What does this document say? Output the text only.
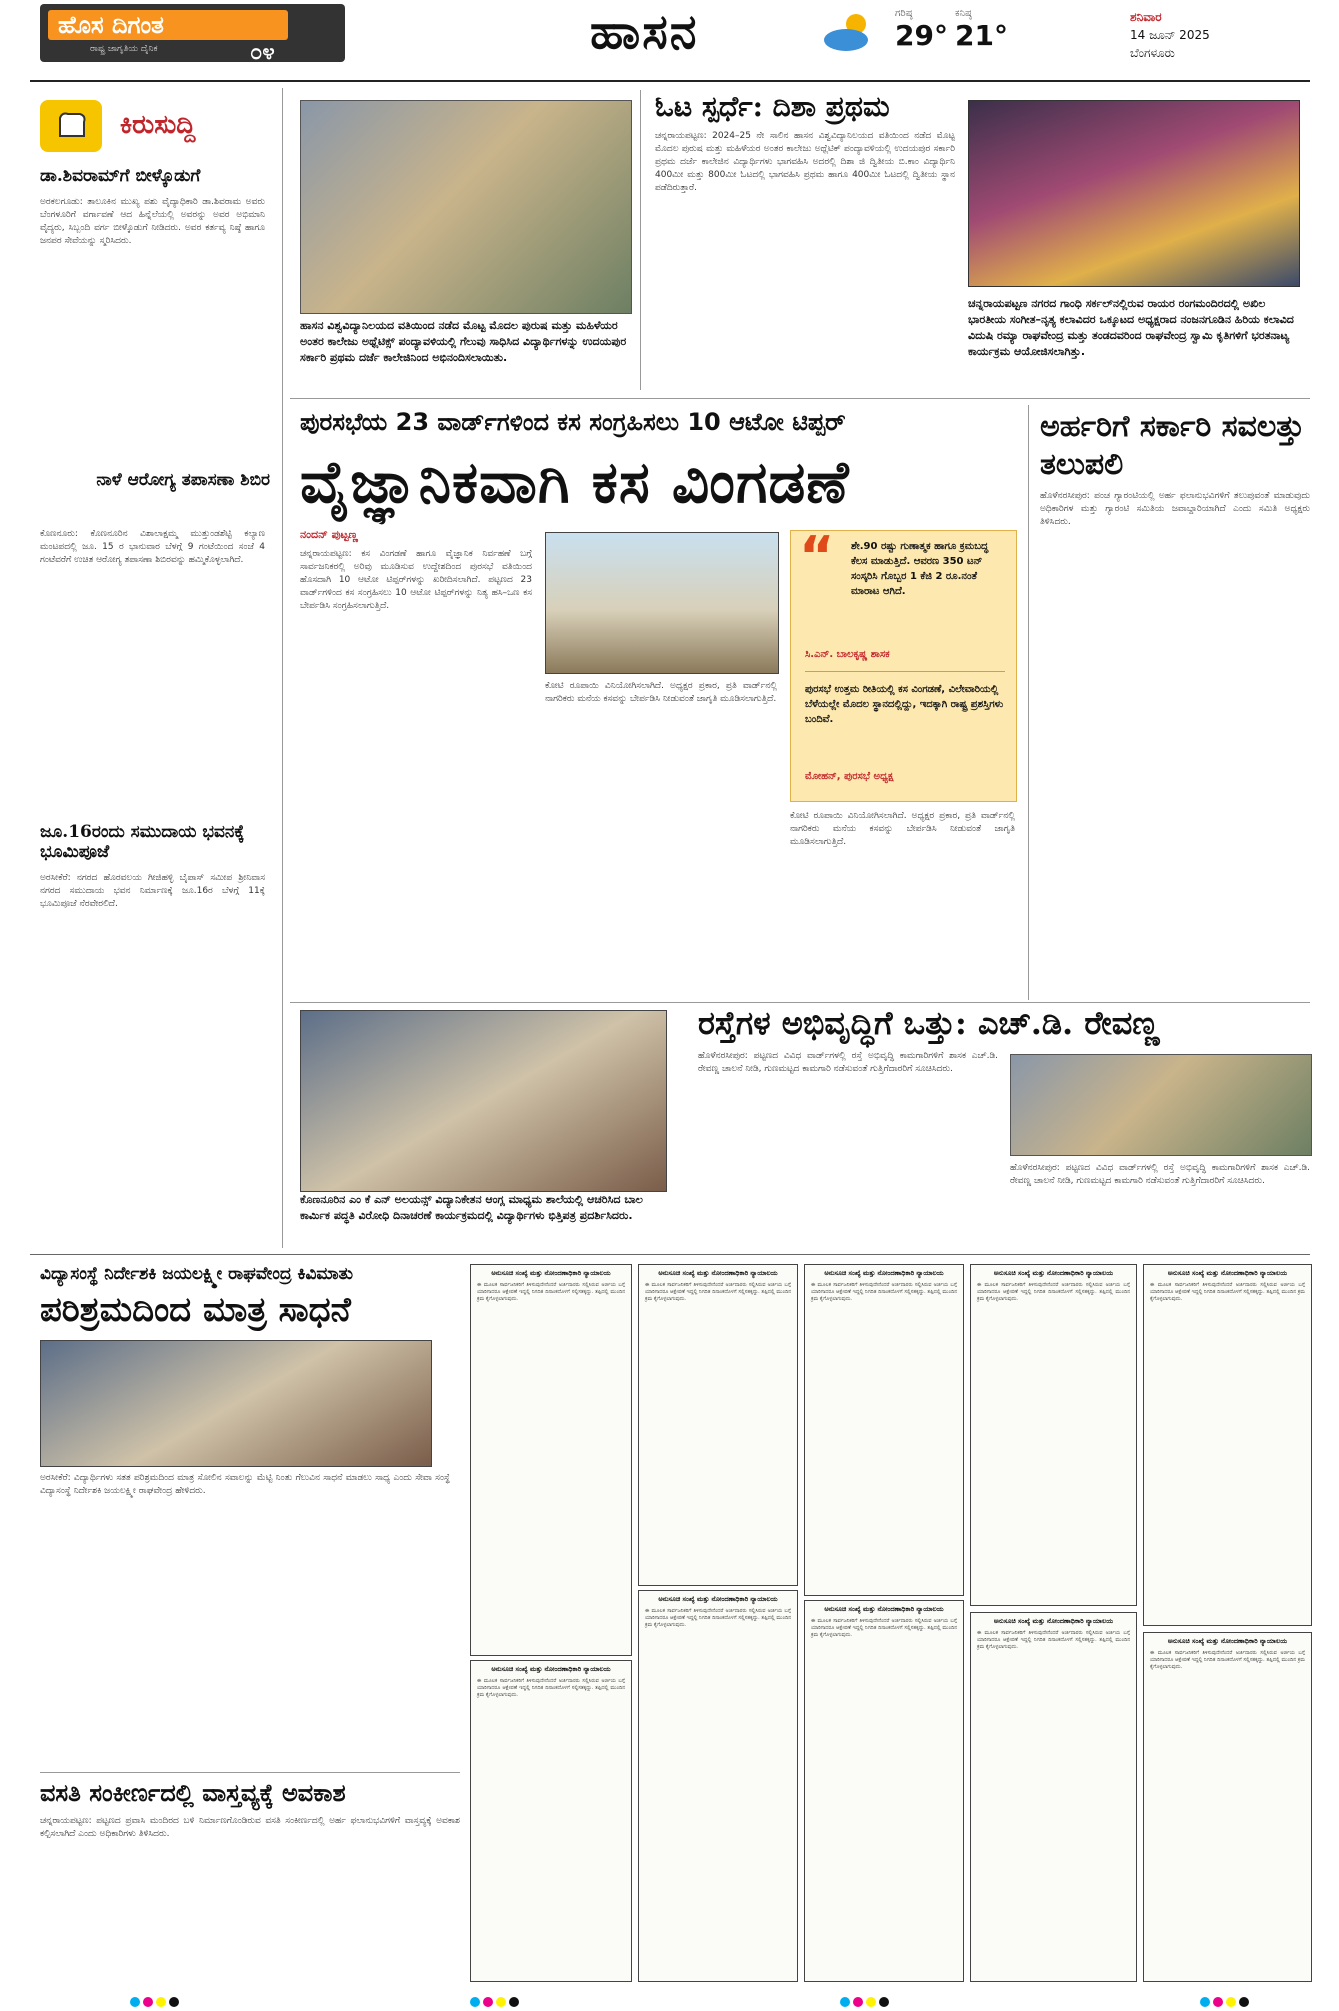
ಹೊಸ ದಿಗಂತ
ರಾಷ್ಟ್ರ ಜಾಗೃತಿಯ ದೈನಿಕ	೦೪	ಹಾಸನ	ಗರಿಷ್ಠ
29°
ಕನಿಷ್ಠ
21°
ಶನಿವಾರ
14 ಜೂನ್ 2025
ಬೆಂಗಳೂರು
ಕಿರುಸುದ್ದಿ
ಡಾ.ಶಿವರಾಮ್‌ಗೆ ಬೀಳ್ಕೊಡುಗೆ
ಅರಕಲಗೂಡು: ತಾಲೂಕಿನ ಮುಖ್ಯ ಪಶು ವೈದ್ಯಾಧಿಕಾರಿ ಡಾ.ಶಿವರಾಮ ಅವರು ಬೆಂಗಳೂರಿಗೆ ವರ್ಗಾವಣೆ ಆದ ಹಿನ್ನೆಲೆಯಲ್ಲಿ ಅವರನ್ನು ಅವರ ಅಭಿಮಾನಿ ವೈದ್ಯರು, ಸಿಬ್ಬಂದಿ ವರ್ಗ ಬೀಳ್ಕೊಡುಗೆ ನೀಡಿದರು. ಅವರ ಕರ್ತವ್ಯ ನಿಷ್ಠೆ ಹಾಗೂ ಜನಪರ ಸೇವೆಯನ್ನು ಸ್ಮರಿಸಿದರು.
ನಾಳೆ ಆರೋಗ್ಯ ತಪಾಸಣಾ ಶಿಬಿರ
ಕೊಣನೂರು: ಕೊಣನೂರಿನ ವಿಶಾಲಾಕ್ಷಮ್ಮ ಮುತ್ತುಂಡಶೆಟ್ಟಿ ಕಲ್ಯಾಣ ಮಂಟಪದಲ್ಲಿ ಜೂ. 15 ರ ಭಾನುವಾರ ಬೆಳಗ್ಗೆ 9 ಗಂಟೆಯಿಂದ ಸಂಜೆ 4 ಗಂಟೆವರೆಗೆ ಉಚಿತ ಆರೋಗ್ಯ ತಪಾಸಣಾ ಶಿಬಿರವನ್ನು ಹಮ್ಮಿಕೊಳ್ಳಲಾಗಿದೆ.
ಜೂ.16ರಂದು ಸಮುದಾಯ ಭವನಕ್ಕೆ ಭೂಮಿಪೂಜೆ
ಅರಸೀಕೆರೆ: ನಗರದ ಹೊರವಲಯ ಗೀಜಿಹಳ್ಳಿ ಬೈಪಾಸ್ ಸಮೀಪ ಶ್ರೀನಿವಾಸ ನಗರದ ಸಮುದಾಯ ಭವನ ನಿರ್ಮಾಣಕ್ಕೆ ಜೂ.16ರ ಬೆಳಗ್ಗೆ 11ಕ್ಕೆ ಭೂಮಿಪೂಜೆ ನೆರವೇರಲಿದೆ.
ಹಾಸನ ವಿಶ್ವವಿದ್ಯಾನಿಲಯದ ವತಿಯಿಂದ ನಡೆದ ಮೊಟ್ಟ ಮೊದಲ ಪುರುಷ ಮತ್ತು ಮಹಿಳೆಯರ ಅಂತರ ಕಾಲೇಜು ಅಥ್ಲೆಟಿಕ್ಸ್ ಪಂದ್ಯಾವಳಿಯಲ್ಲಿ ಗೆಲುವು ಸಾಧಿಸಿದ ವಿದ್ಯಾರ್ಥಿಗಳನ್ನು ಉದಯಪುರ ಸರ್ಕಾರಿ ಪ್ರಥಮ ದರ್ಜೆ ಕಾಲೇಜಿನಿಂದ ಅಭಿನಂದಿಸಲಾಯಿತು.
ಓಟ ಸ್ಪರ್ಧೆ: ದಿಶಾ ಪ್ರಥಮ
ಚನ್ನರಾಯಪಟ್ಟಣ: 2024–25 ನೇ ಸಾಲಿನ ಹಾಸನ ವಿಶ್ವವಿದ್ಯಾನಿಲಯದ ವತಿಯಿಂದ ನಡೆದ ಮೊಟ್ಟ ಮೊದಲ ಪುರುಷ ಮತ್ತು ಮಹಿಳೆಯರ ಅಂತರ ಕಾಲೇಜು ಅಥ್ಲೆಟಿಕ್ ಪಂದ್ಯಾವಳಿಯಲ್ಲಿ ಉದಯಪುರ ಸರ್ಕಾರಿ ಪ್ರಥಮ ದರ್ಜೆ ಕಾಲೇಜಿನ ವಿದ್ಯಾರ್ಥಿಗಳು ಭಾಗವಹಿಸಿ ಅದರಲ್ಲಿ ದಿಶಾ ಜಿ ದ್ವಿತೀಯ ಬಿ.ಕಾಂ ವಿದ್ಯಾರ್ಥಿನಿ 400ಮೀ ಮತ್ತು 800ಮೀ ಓಟದಲ್ಲಿ ಭಾಗವಹಿಸಿ ಪ್ರಥಮ ಹಾಗೂ 400ಮೀ ಓಟದಲ್ಲಿ ದ್ವಿತೀಯ ಸ್ಥಾನ ಪಡೆದಿರುತ್ತಾರೆ.
ಚನ್ನರಾಯಪಟ್ಟಣ ನಗರದ ಗಾಂಧಿ ಸರ್ಕಲ್‌ನಲ್ಲಿರುವ ರಾಯರ ರಂಗಮಂದಿರದಲ್ಲಿ ಅಖಿಲ ಭಾರತೀಯ ಸಂಗೀತ–ನೃತ್ಯ ಕಲಾವಿದರ ಒಕ್ಕೂಟದ ಅಧ್ಯಕ್ಷರಾದ ನಂಜನಗೂಡಿನ ಹಿರಿಯ ಕಲಾವಿದ ವಿದುಷಿ ರಮ್ಯಾ ರಾಘವೇಂದ್ರ ಮತ್ತು ತಂಡದವರಿಂದ ರಾಘವೇಂದ್ರ ಸ್ವಾಮಿ ಕೃತಿಗಳಿಗೆ ಭರತನಾಟ್ಯ ಕಾರ್ಯಕ್ರಮ ಆಯೋಜಿಸಲಾಗಿತ್ತು.
ಪುರಸಭೆಯ 23 ವಾರ್ಡ್‌ಗಳಿಂದ ಕಸ ಸಂಗ್ರಹಿಸಲು 10 ಆಟೋ ಟಿಪ್ಪರ್
ವೈಜ್ಞಾನಿಕವಾಗಿ ಕಸ ವಿಂಗಡಣೆ
ನಂದನ್ ಪುಟ್ಟಣ್ಣ
ಚನ್ನರಾಯಪಟ್ಟಣ: ಕಸ ವಿಂಗಡಣೆ ಹಾಗೂ ವೈಜ್ಞಾನಿಕ ನಿರ್ವಹಣೆ ಬಗ್ಗೆ ಸಾರ್ವಜನಿಕರಲ್ಲಿ ಅರಿವು ಮೂಡಿಸುವ ಉದ್ದೇಶದಿಂದ ಪುರಸಭೆ ವತಿಯಿಂದ ಹೊಸದಾಗಿ 10 ಆಟೋ ಟಿಪ್ಪರ್‌ಗಳನ್ನು ಖರೀದಿಸಲಾಗಿದೆ. ಪಟ್ಟಣದ 23 ವಾರ್ಡ್‌ಗಳಿಂದ ಕಸ ಸಂಗ್ರಹಿಸಲು 10 ಆಟೋ ಟಿಪ್ಪರ್‌ಗಳನ್ನು ನಿತ್ಯ ಹಸಿ–ಒಣ ಕಸ ಬೇರ್ಪಡಿಸಿ ಸಂಗ್ರಹಿಸಲಾಗುತ್ತಿದೆ.
ಕೋಟಿ ರೂಪಾಯಿ ವಿನಿಯೋಗಿಸಲಾಗಿದೆ. ಅಧ್ಯಕ್ಷರ ಪ್ರಕಾರ, ಪ್ರತಿ ವಾರ್ಡ್‌ನಲ್ಲಿ ನಾಗರಿಕರು ಮನೆಯ ಕಸವನ್ನು ಬೇರ್ಪಡಿಸಿ ನೀಡುವಂತೆ ಜಾಗೃತಿ ಮೂಡಿಸಲಾಗುತ್ತಿದೆ.
“ ಶೇ.90 ರಷ್ಟು ಗುಣಾತ್ಮಕ ಹಾಗೂ ಕ್ರಮಬದ್ಧ ಕೆಲಸ ಮಾಡುತ್ತಿದೆ. ಆವರಣ 350 ಟನ್ ಸಂಸ್ಕರಿಸಿ ಗೊಬ್ಬರ 1 ಕೆಜಿ 2 ರೂ.ನಂತೆ ಮಾರಾಟ ಆಗಿದೆ.
ಸಿ.ಎನ್. ಬಾಲಕೃಷ್ಣ ಶಾಸಕ
ಪುರಸಭೆ ಉತ್ತಮ ರೀತಿಯಲ್ಲಿ ಕಸ ವಿಂಗಡಣೆ, ವಿಲೇವಾರಿಯಲ್ಲಿ ಬೆಳೆಯಲ್ಲೇ ಮೊದಲ ಸ್ಥಾನದಲ್ಲಿದ್ದು, ಇದಕ್ಕಾಗಿ ರಾಷ್ಟ್ರ ಪ್ರಶಸ್ತಿಗಳು ಬಂದಿವೆ.
ಮೋಹನ್, ಪುರಸಭೆ ಅಧ್ಯಕ್ಷ
ಕೋಟಿ ರೂಪಾಯಿ ವಿನಿಯೋಗಿಸಲಾಗಿದೆ. ಅಧ್ಯಕ್ಷರ ಪ್ರಕಾರ, ಪ್ರತಿ ವಾರ್ಡ್‌ನಲ್ಲಿ ನಾಗರಿಕರು ಮನೆಯ ಕಸವನ್ನು ಬೇರ್ಪಡಿಸಿ ನೀಡುವಂತೆ ಜಾಗೃತಿ ಮೂಡಿಸಲಾಗುತ್ತಿದೆ.
ಅರ್ಹರಿಗೆ ಸರ್ಕಾರಿ ಸವಲತ್ತು ತಲುಪಲಿ
ಹೊಳೆನರಸೀಪುರ: ಪಂಚ ಗ್ಯಾರಂಟಿಯಲ್ಲಿ ಅರ್ಹ ಫಲಾನುಭವಿಗಳಿಗೆ ತಲುಪುವಂತೆ ಮಾಡುವುದು ಅಧಿಕಾರಿಗಳ ಮತ್ತು ಗ್ಯಾರಂಟಿ ಸಮಿತಿಯ ಜವಾಬ್ದಾರಿಯಾಗಿದೆ ಎಂದು ಸಮಿತಿ ಅಧ್ಯಕ್ಷರು ತಿಳಿಸಿದರು.
ಕೊಣನೂರಿನ ಎಂ ಕೆ ಎನ್ ಅಲಯನ್ಸ್ ವಿದ್ಯಾನಿಕೇತನ ಆಂಗ್ಲ ಮಾಧ್ಯಮ ಶಾಲೆಯಲ್ಲಿ ಆಚರಿಸಿದ ಬಾಲ ಕಾರ್ಮಿಕ ಪದ್ಧತಿ ವಿರೋಧಿ ದಿನಾಚರಣೆ ಕಾರ್ಯಕ್ರಮದಲ್ಲಿ ವಿದ್ಯಾರ್ಥಿಗಳು ಭಿತ್ತಿಪತ್ರ ಪ್ರದರ್ಶಿಸಿದರು.
ರಸ್ತೆಗಳ ಅಭಿವೃದ್ಧಿಗೆ ಒತ್ತು: ಎಚ್.ಡಿ. ರೇವಣ್ಣ
ಹೊಳೆನರಸೀಪುರ: ಪಟ್ಟಣದ ವಿವಿಧ ವಾರ್ಡ್‌ಗಳಲ್ಲಿ ರಸ್ತೆ ಅಭಿವೃದ್ಧಿ ಕಾಮಗಾರಿಗಳಿಗೆ ಶಾಸಕ ಎಚ್.ಡಿ. ರೇವಣ್ಣ ಚಾಲನೆ ನೀಡಿ, ಗುಣಮಟ್ಟದ ಕಾಮಗಾರಿ ನಡೆಸುವಂತೆ ಗುತ್ತಿಗೆದಾರರಿಗೆ ಸೂಚಿಸಿದರು.
ಹೊಳೆನರಸೀಪುರ: ಪಟ್ಟಣದ ವಿವಿಧ ವಾರ್ಡ್‌ಗಳಲ್ಲಿ ರಸ್ತೆ ಅಭಿವೃದ್ಧಿ ಕಾಮಗಾರಿಗಳಿಗೆ ಶಾಸಕ ಎಚ್.ಡಿ. ರೇವಣ್ಣ ಚಾಲನೆ ನೀಡಿ, ಗುಣಮಟ್ಟದ ಕಾಮಗಾರಿ ನಡೆಸುವಂತೆ ಗುತ್ತಿಗೆದಾರರಿಗೆ ಸೂಚಿಸಿದರು.
ವಿದ್ಯಾಸಂಸ್ಥೆ ನಿರ್ದೇಶಕಿ ಜಯಲಕ್ಷ್ಮೀ ರಾಘವೇಂದ್ರ ಕಿವಿಮಾತು
ಪರಿಶ್ರಮದಿಂದ ಮಾತ್ರ ಸಾಧನೆ
ಅರಸೀಕೆರೆ: ವಿದ್ಯಾರ್ಥಿಗಳು ಸತತ ಪರಿಶ್ರಮದಿಂದ ಮಾತ್ರ ಸೋಲಿನ ಸವಾಲನ್ನು ಮೆಟ್ಟಿ ನಿಂತು ಗೆಲುವಿನ ಸಾಧನೆ ಮಾಡಲು ಸಾಧ್ಯ ಎಂದು ಸೇವಾ ಸಂಸ್ಥೆ ವಿದ್ಯಾಸಂಸ್ಥೆ ನಿರ್ದೇಶಕಿ ಜಯಲಕ್ಷ್ಮೀ ರಾಘವೇಂದ್ರ ಹೇಳಿದರು.
ವಸತಿ ಸಂಕೀರ್ಣದಲ್ಲಿ ವಾಸ್ತವ್ಯಕ್ಕೆ ಅವಕಾಶ
ಚನ್ನರಾಯಪಟ್ಟಣ: ಪಟ್ಟಣದ ಪ್ರವಾಸಿ ಮಂದಿರದ ಬಳಿ ನಿರ್ಮಾಣಗೊಂಡಿರುವ ವಸತಿ ಸಂಕೀರ್ಣದಲ್ಲಿ ಅರ್ಹ ಫಲಾನುಭವಿಗಳಿಗೆ ವಾಸ್ತವ್ಯಕ್ಕೆ ಅವಕಾಶ ಕಲ್ಪಿಸಲಾಗಿದೆ ಎಂದು ಅಧಿಕಾರಿಗಳು ತಿಳಿಸಿದರು.
ಅನುಸೂಚಿ ಸಂಖ್ಯೆ ಮತ್ತು ನೋಂದಣಾಧಿಕಾರಿ ನ್ಯಾಯಾಲಯ
ಈ ಮೂಲಕ ಸಾರ್ವಜನಿಕರಿಗೆ ತಿಳಿಸುವುದೇನೆಂದರೆ ಅರ್ಜಿದಾರರು ಸಲ್ಲಿಸಿರುವ ಅರ್ಜಿಯ ಬಗ್ಗೆ ಯಾರಿಗಾದರೂ ಆಕ್ಷೇಪಣೆ ಇದ್ದಲ್ಲಿ ನಿಗದಿತ ದಿನಾಂಕದೊಳಗೆ ಸಲ್ಲಿಸತಕ್ಕದ್ದು. ತಪ್ಪಿದಲ್ಲಿ ಮುಂದಿನ ಕ್ರಮ ಕೈಗೊಳ್ಳಲಾಗುವುದು.
ಅನುಸೂಚಿ ಸಂಖ್ಯೆ ಮತ್ತು ನೋಂದಣಾಧಿಕಾರಿ ನ್ಯಾಯಾಲಯ
ಈ ಮೂಲಕ ಸಾರ್ವಜನಿಕರಿಗೆ ತಿಳಿಸುವುದೇನೆಂದರೆ ಅರ್ಜಿದಾರರು ಸಲ್ಲಿಸಿರುವ ಅರ್ಜಿಯ ಬಗ್ಗೆ ಯಾರಿಗಾದರೂ ಆಕ್ಷೇಪಣೆ ಇದ್ದಲ್ಲಿ ನಿಗದಿತ ದಿನಾಂಕದೊಳಗೆ ಸಲ್ಲಿಸತಕ್ಕದ್ದು. ತಪ್ಪಿದಲ್ಲಿ ಮುಂದಿನ ಕ್ರಮ ಕೈಗೊಳ್ಳಲಾಗುವುದು.
ಅನುಸೂಚಿ ಸಂಖ್ಯೆ ಮತ್ತು ನೋಂದಣಾಧಿಕಾರಿ ನ್ಯಾಯಾಲಯ
ಈ ಮೂಲಕ ಸಾರ್ವಜನಿಕರಿಗೆ ತಿಳಿಸುವುದೇನೆಂದರೆ ಅರ್ಜಿದಾರರು ಸಲ್ಲಿಸಿರುವ ಅರ್ಜಿಯ ಬಗ್ಗೆ ಯಾರಿಗಾದರೂ ಆಕ್ಷೇಪಣೆ ಇದ್ದಲ್ಲಿ ನಿಗದಿತ ದಿನಾಂಕದೊಳಗೆ ಸಲ್ಲಿಸತಕ್ಕದ್ದು. ತಪ್ಪಿದಲ್ಲಿ ಮುಂದಿನ ಕ್ರಮ ಕೈಗೊಳ್ಳಲಾಗುವುದು.
ಅನುಸೂಚಿ ಸಂಖ್ಯೆ ಮತ್ತು ನೋಂದಣಾಧಿಕಾರಿ ನ್ಯಾಯಾಲಯ
ಈ ಮೂಲಕ ಸಾರ್ವಜನಿಕರಿಗೆ ತಿಳಿಸುವುದೇನೆಂದರೆ ಅರ್ಜಿದಾರರು ಸಲ್ಲಿಸಿರುವ ಅರ್ಜಿಯ ಬಗ್ಗೆ ಯಾರಿಗಾದರೂ ಆಕ್ಷೇಪಣೆ ಇದ್ದಲ್ಲಿ ನಿಗದಿತ ದಿನಾಂಕದೊಳಗೆ ಸಲ್ಲಿಸತಕ್ಕದ್ದು. ತಪ್ಪಿದಲ್ಲಿ ಮುಂದಿನ ಕ್ರಮ ಕೈಗೊಳ್ಳಲಾಗುವುದು.
ಅನುಸೂಚಿ ಸಂಖ್ಯೆ ಮತ್ತು ನೋಂದಣಾಧಿಕಾರಿ ನ್ಯಾಯಾಲಯ
ಈ ಮೂಲಕ ಸಾರ್ವಜನಿಕರಿಗೆ ತಿಳಿಸುವುದೇನೆಂದರೆ ಅರ್ಜಿದಾರರು ಸಲ್ಲಿಸಿರುವ ಅರ್ಜಿಯ ಬಗ್ಗೆ ಯಾರಿಗಾದರೂ ಆಕ್ಷೇಪಣೆ ಇದ್ದಲ್ಲಿ ನಿಗದಿತ ದಿನಾಂಕದೊಳಗೆ ಸಲ್ಲಿಸತಕ್ಕದ್ದು. ತಪ್ಪಿದಲ್ಲಿ ಮುಂದಿನ ಕ್ರಮ ಕೈಗೊಳ್ಳಲಾಗುವುದು.
ಅನುಸೂಚಿ ಸಂಖ್ಯೆ ಮತ್ತು ನೋಂದಣಾಧಿಕಾರಿ ನ್ಯಾಯಾಲಯ
ಈ ಮೂಲಕ ಸಾರ್ವಜನಿಕರಿಗೆ ತಿಳಿಸುವುದೇನೆಂದರೆ ಅರ್ಜಿದಾರರು ಸಲ್ಲಿಸಿರುವ ಅರ್ಜಿಯ ಬಗ್ಗೆ ಯಾರಿಗಾದರೂ ಆಕ್ಷೇಪಣೆ ಇದ್ದಲ್ಲಿ ನಿಗದಿತ ದಿನಾಂಕದೊಳಗೆ ಸಲ್ಲಿಸತಕ್ಕದ್ದು. ತಪ್ಪಿದಲ್ಲಿ ಮುಂದಿನ ಕ್ರಮ ಕೈಗೊಳ್ಳಲಾಗುವುದು.
ಅನುಸೂಚಿ ಸಂಖ್ಯೆ ಮತ್ತು ನೋಂದಣಾಧಿಕಾರಿ ನ್ಯಾಯಾಲಯ
ಈ ಮೂಲಕ ಸಾರ್ವಜನಿಕರಿಗೆ ತಿಳಿಸುವುದೇನೆಂದರೆ ಅರ್ಜಿದಾರರು ಸಲ್ಲಿಸಿರುವ ಅರ್ಜಿಯ ಬಗ್ಗೆ ಯಾರಿಗಾದರೂ ಆಕ್ಷೇಪಣೆ ಇದ್ದಲ್ಲಿ ನಿಗದಿತ ದಿನಾಂಕದೊಳಗೆ ಸಲ್ಲಿಸತಕ್ಕದ್ದು. ತಪ್ಪಿದಲ್ಲಿ ಮುಂದಿನ ಕ್ರಮ ಕೈಗೊಳ್ಳಲಾಗುವುದು.
ಅನುಸೂಚಿ ಸಂಖ್ಯೆ ಮತ್ತು ನೋಂದಣಾಧಿಕಾರಿ ನ್ಯಾಯಾಲಯ
ಈ ಮೂಲಕ ಸಾರ್ವಜನಿಕರಿಗೆ ತಿಳಿಸುವುದೇನೆಂದರೆ ಅರ್ಜಿದಾರರು ಸಲ್ಲಿಸಿರುವ ಅರ್ಜಿಯ ಬಗ್ಗೆ ಯಾರಿಗಾದರೂ ಆಕ್ಷೇಪಣೆ ಇದ್ದಲ್ಲಿ ನಿಗದಿತ ದಿನಾಂಕದೊಳಗೆ ಸಲ್ಲಿಸತಕ್ಕದ್ದು. ತಪ್ಪಿದಲ್ಲಿ ಮುಂದಿನ ಕ್ರಮ ಕೈಗೊಳ್ಳಲಾಗುವುದು.
ಅನುಸೂಚಿ ಸಂಖ್ಯೆ ಮತ್ತು ನೋಂದಣಾಧಿಕಾರಿ ನ್ಯಾಯಾಲಯ
ಈ ಮೂಲಕ ಸಾರ್ವಜನಿಕರಿಗೆ ತಿಳಿಸುವುದೇನೆಂದರೆ ಅರ್ಜಿದಾರರು ಸಲ್ಲಿಸಿರುವ ಅರ್ಜಿಯ ಬಗ್ಗೆ ಯಾರಿಗಾದರೂ ಆಕ್ಷೇಪಣೆ ಇದ್ದಲ್ಲಿ ನಿಗದಿತ ದಿನಾಂಕದೊಳಗೆ ಸಲ್ಲಿಸತಕ್ಕದ್ದು. ತಪ್ಪಿದಲ್ಲಿ ಮುಂದಿನ ಕ್ರಮ ಕೈಗೊಳ್ಳಲಾಗುವುದು.
ಅನುಸೂಚಿ ಸಂಖ್ಯೆ ಮತ್ತು ನೋಂದಣಾಧಿಕಾರಿ ನ್ಯಾಯಾಲಯ
ಈ ಮೂಲಕ ಸಾರ್ವಜನಿಕರಿಗೆ ತಿಳಿಸುವುದೇನೆಂದರೆ ಅರ್ಜಿದಾರರು ಸಲ್ಲಿಸಿರುವ ಅರ್ಜಿಯ ಬಗ್ಗೆ ಯಾರಿಗಾದರೂ ಆಕ್ಷೇಪಣೆ ಇದ್ದಲ್ಲಿ ನಿಗದಿತ ದಿನಾಂಕದೊಳಗೆ ಸಲ್ಲಿಸತಕ್ಕದ್ದು. ತಪ್ಪಿದಲ್ಲಿ ಮುಂದಿನ ಕ್ರಮ ಕೈಗೊಳ್ಳಲಾಗುವುದು.
